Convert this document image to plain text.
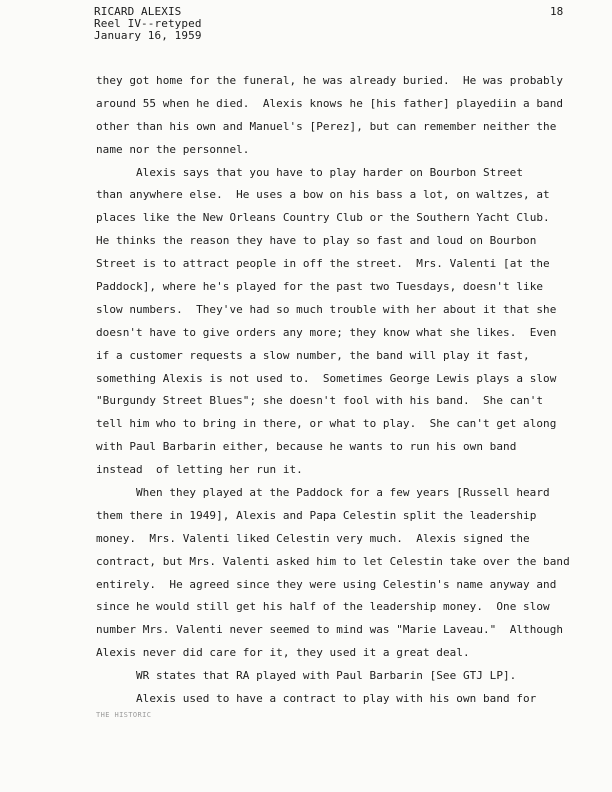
RICARD ALEXIS
Reel IV--retyped
January 16, 1959
18
they got home for the funeral, he was already buried.  He was probably
around 55 when he died.  Alexis knows he [his father] playediin a band
other than his own and Manuel's [Perez], but can remember neither the
name nor the personnel.
Alexis says that you have to play harder on Bourbon Street
than anywhere else.  He uses a bow on his bass a lot, on waltzes, at
places like the New Orleans Country Club or the Southern Yacht Club.
He thinks the reason they have to play so fast and loud on Bourbon
Street is to attract people in off the street.  Mrs. Valenti [at the
Paddock], where he's played for the past two Tuesdays, doesn't like
slow numbers.  They've had so much trouble with her about it that she
doesn't have to give orders any more; they know what she likes.  Even
if a customer requests a slow number, the band will play it fast,
something Alexis is not used to.  Sometimes George Lewis plays a slow
"Burgundy Street Blues"; she doesn't fool with his band.  She can't
tell him who to bring in there, or what to play.  She can't get along
with Paul Barbarin either, because he wants to run his own band
instead  of letting her run it.
When they played at the Paddock for a few years [Russell heard
them there in 1949], Alexis and Papa Celestin split the leadership
money.  Mrs. Valenti liked Celestin very much.  Alexis signed the
contract, but Mrs. Valenti asked him to let Celestin take over the band
entirely.  He agreed since they were using Celestin's name anyway and
since he would still get his half of the leadership money.  One slow
number Mrs. Valenti never seemed to mind was "Marie Laveau."  Although
Alexis never did care for it, they used it a great deal.
WR states that RA played with Paul Barbarin [See GTJ LP].
Alexis used to have a contract to play with his own band for
THE HISTORIC
